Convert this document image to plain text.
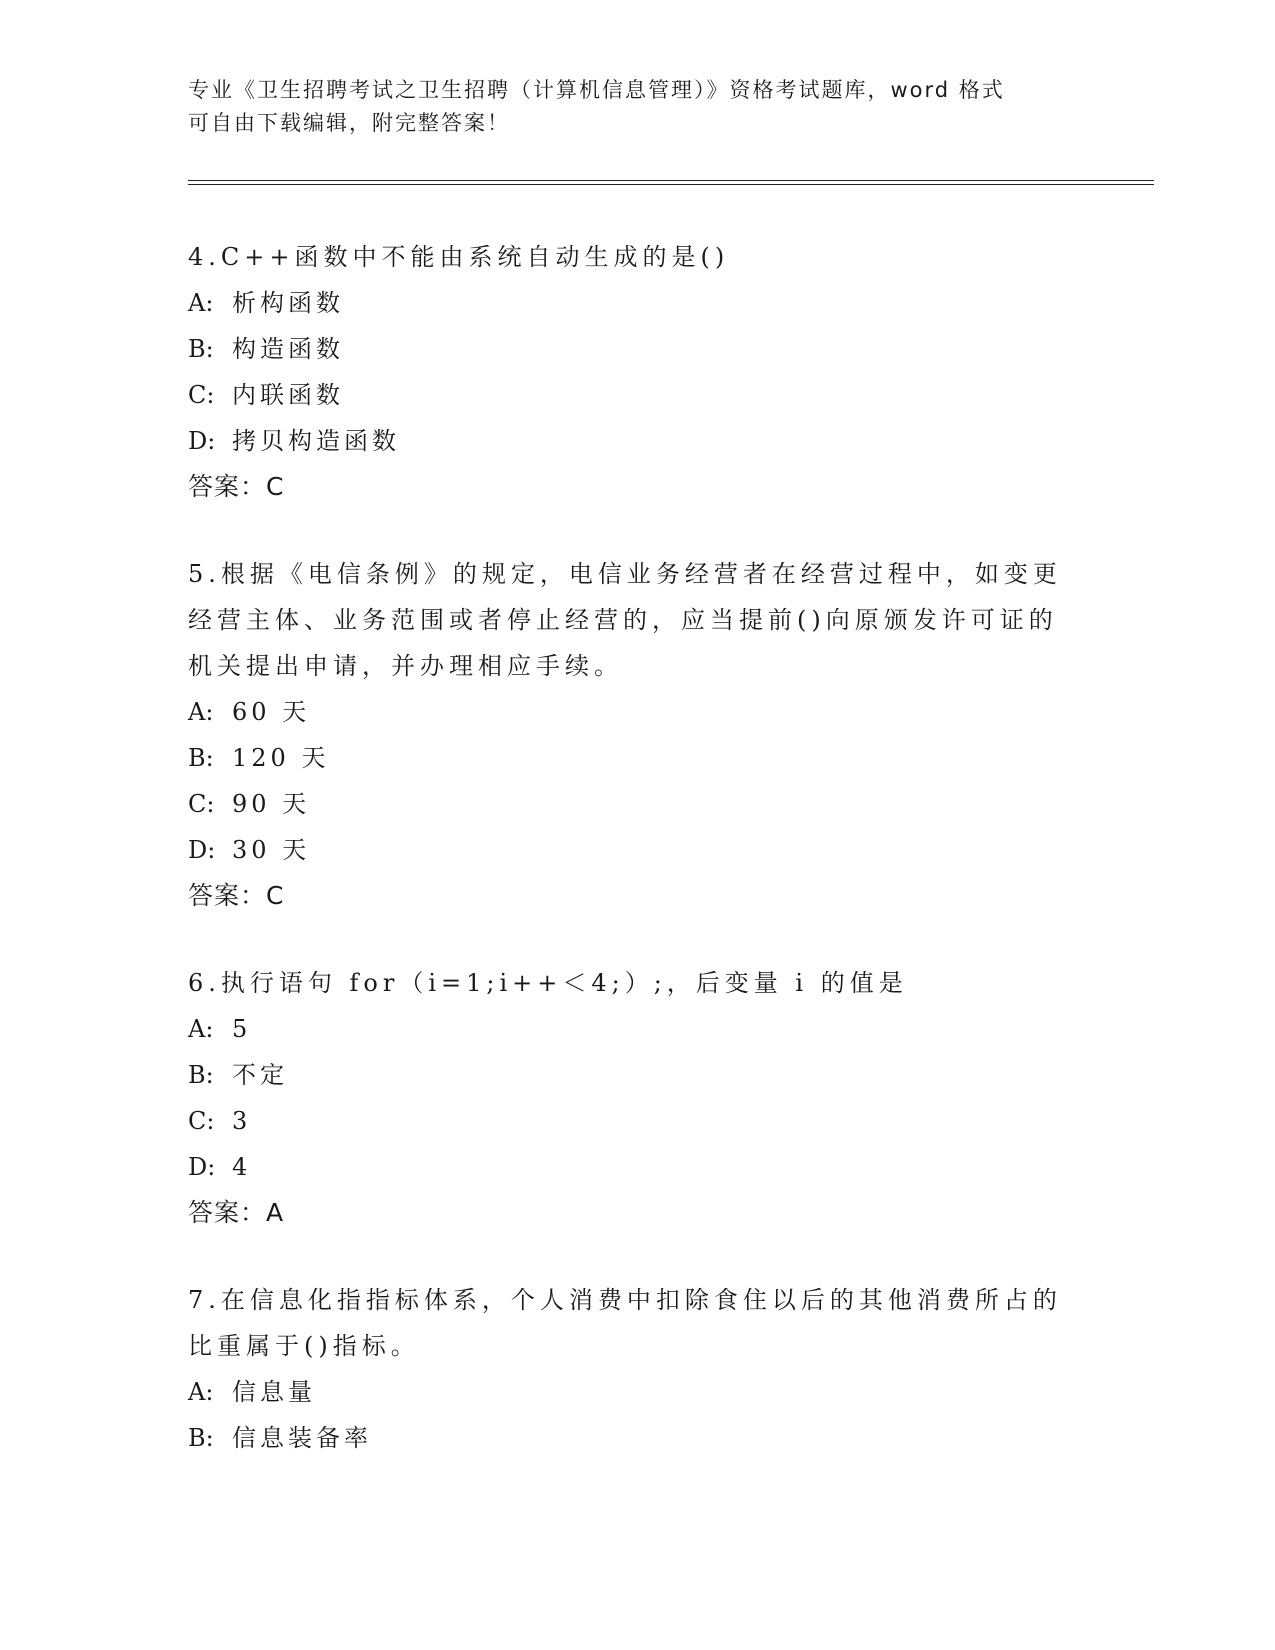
专业《卫生招聘考试之卫生招聘（计算机信息管理）》资格考试题库，word 格式
可自由下载编辑，附完整答案！
4.C++函数中不能由系统自动生成的是()
A: 析构函数
B: 构造函数
C: 内联函数
D: 拷贝构造函数
答案：C
5.根据《电信条例》的规定，电信业务经营者在经营过程中，如变更
经营主体、业务范围或者停止经营的，应当提前()向原颁发许可证的
机关提出申请，并办理相应手续。
A: 60 天
B: 120 天
C: 90 天
D: 30 天
答案：C
6.执行语句 for（i=1;i++＜4;）;，后变量 i 的值是
A: 5
B: 不定
C: 3
D: 4
答案：A
7.在信息化指指标体系，个人消费中扣除食住以后的其他消费所占的
比重属于()指标。
A: 信息量
B: 信息装备率
